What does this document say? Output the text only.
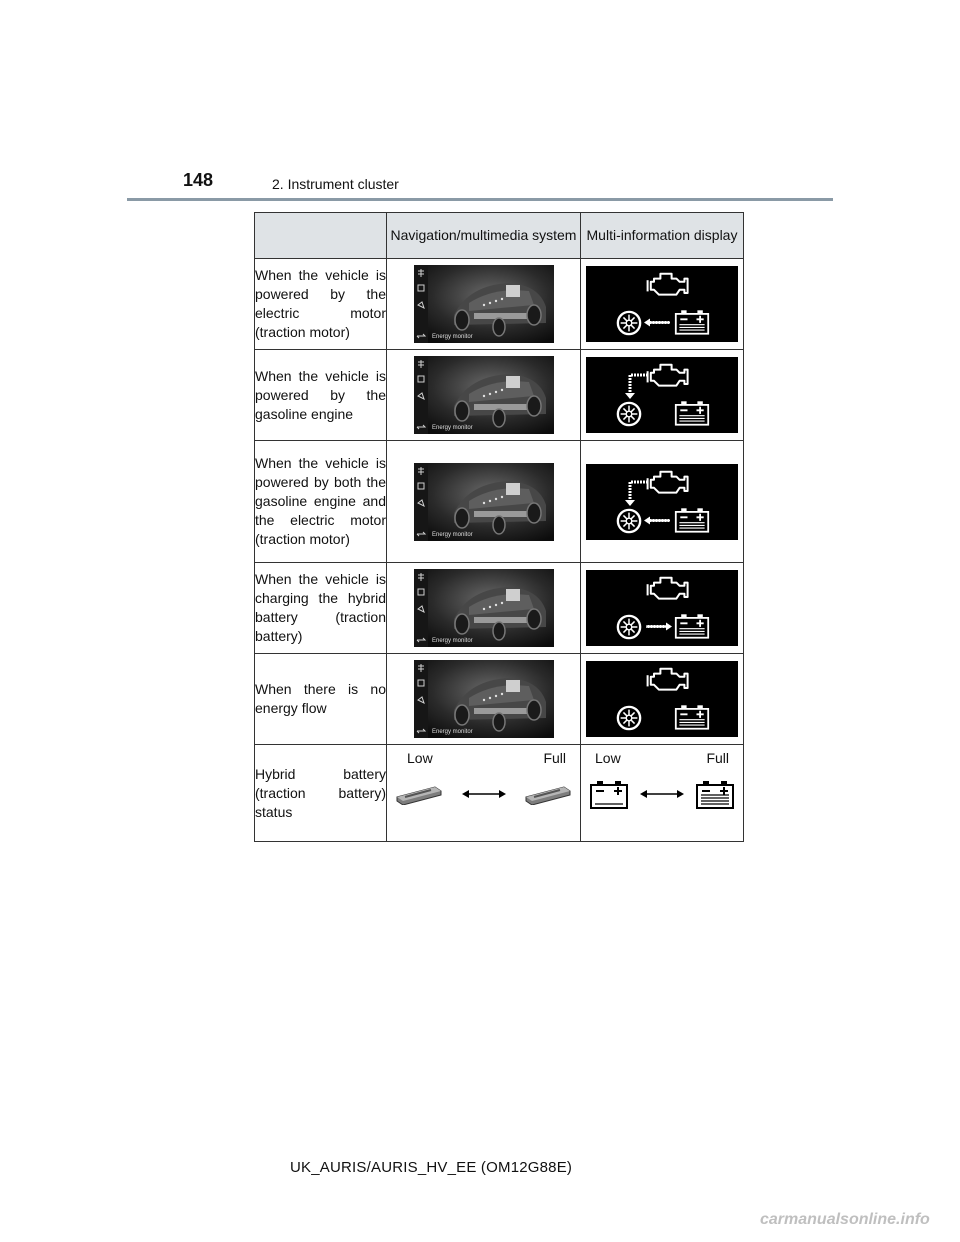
148	2. Instrument cluster
	Navigation/multimedia system	Multi-information display
When the vehicle is powered by the electric motor (traction motor)	Energy monitor

When the vehicle is powered by the gasoline engine	Energy monitor

When the vehicle is powered by both the gasoline engine and the electric motor (traction motor)	Energy monitor

When the vehicle is charging the hybrid battery (traction battery)	Energy monitor

When there is no energy flow	Energy monitor

Hybrid battery (traction battery) status	Low Full	Low Full
UK_AURIS/AURIS_HV_EE (OM12G88E)
carmanualsonline.info
